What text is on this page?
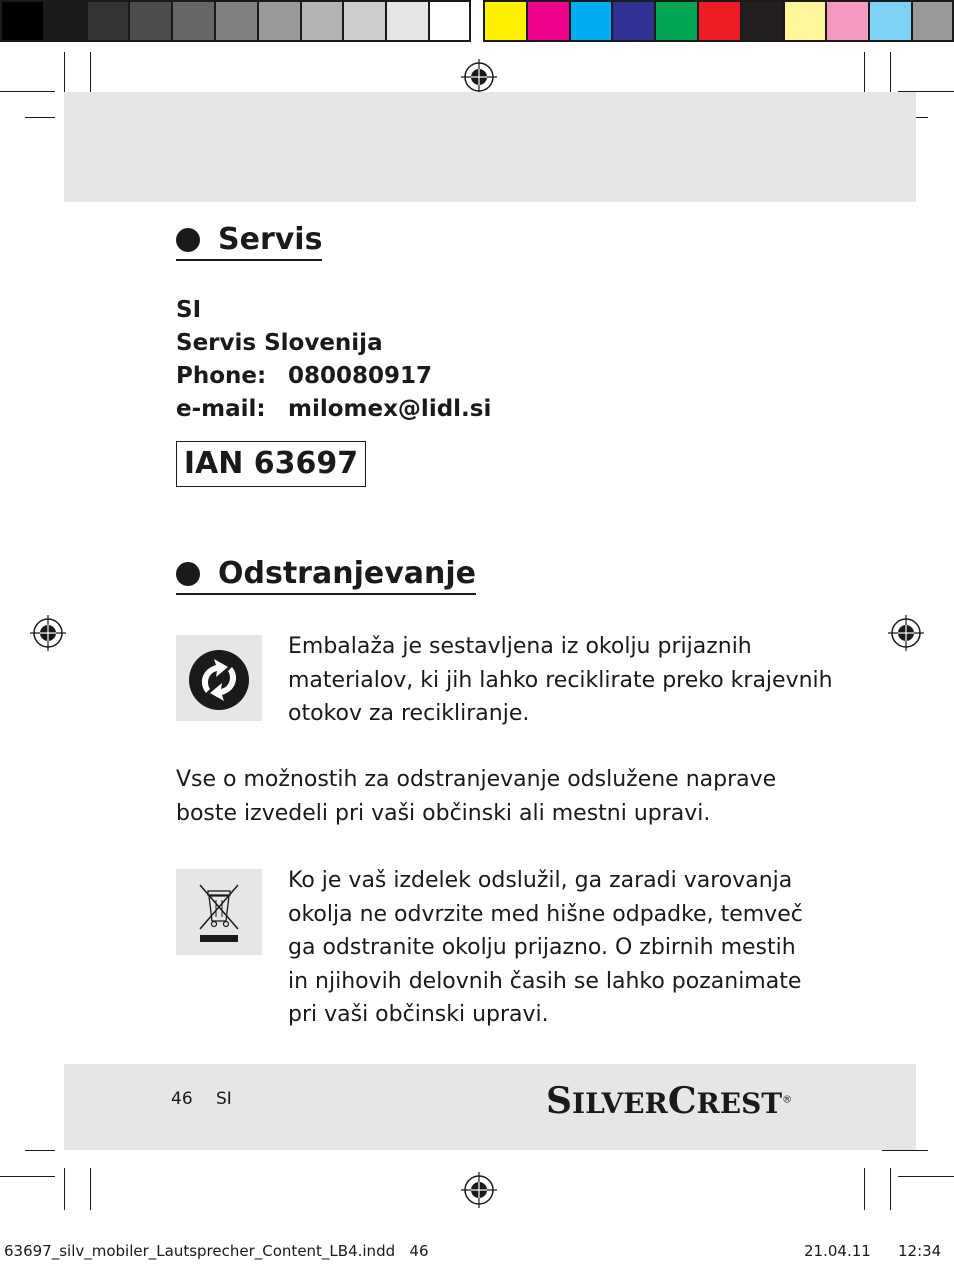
Servis
SI
Servis Slovenija
Phone: 080080917
e-mail: milomex@lidl.si
IAN 63697
Odstranjevanje
Embalaža je sestavljena iz okolju prijaznih
materialov, ki jih lahko reciklirate preko krajevnih
otokov za recikliranje.
Vse o možnostih za odstranjevanje odslužene naprave
boste izvedeli pri vaši občinski ali mestni upravi.
Ko je vaš izdelek odslužil, ga zaradi varovanja
okolja ne odvrzite med hišne odpadke, temveč
ga odstranite okolju prijazno. O zbirnih mestih
in njihovih delovnih časih se lahko pozanimate
pri vaši občinski upravi.
46 SI	SILVERCREST®
63697_silv_mobiler_Lautsprecher_Content_LB4.indd   46	21.04.11 12:34
